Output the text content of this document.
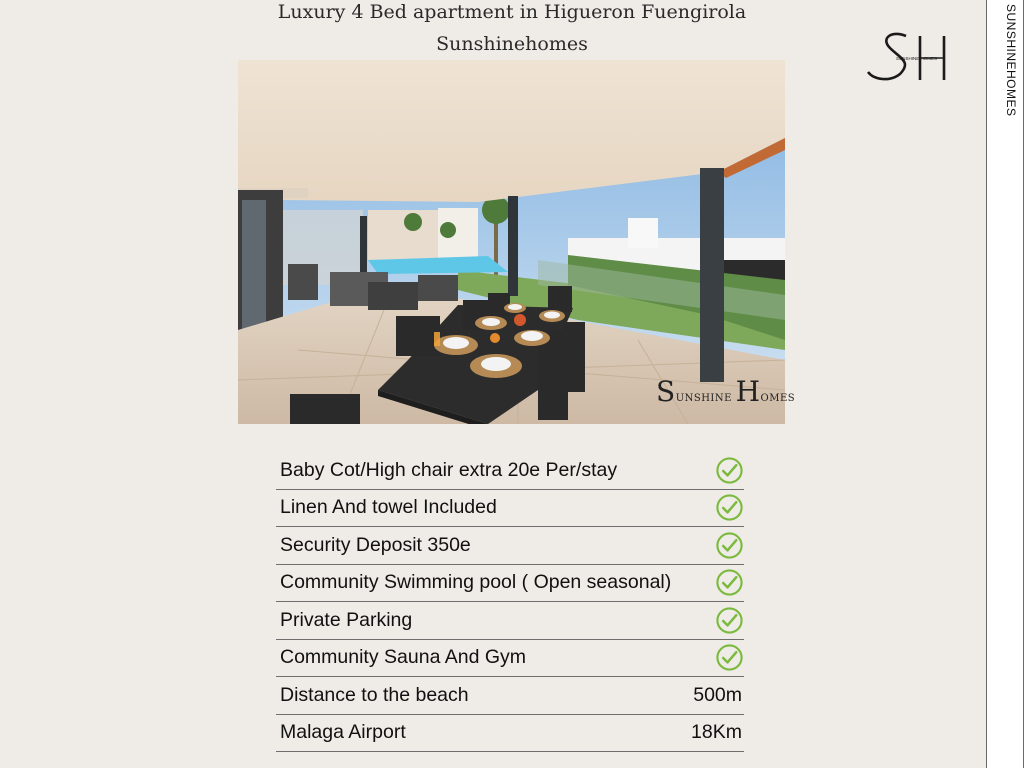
Luxury 4 Bed apartment in Higueron Fuengirola
Sunshinehomes
SUNSHINE HOMES	SUNSHINEHOMES
SUNSHINE HOMES
Baby Cot/High chair extra 20e Per/stay
Linen And towel Included
Security Deposit 350e
Community Swimming pool ( Open seasonal)
Private Parking
Community Sauna And Gym
Distance to the beach	500m
Malaga Airport	18Km
